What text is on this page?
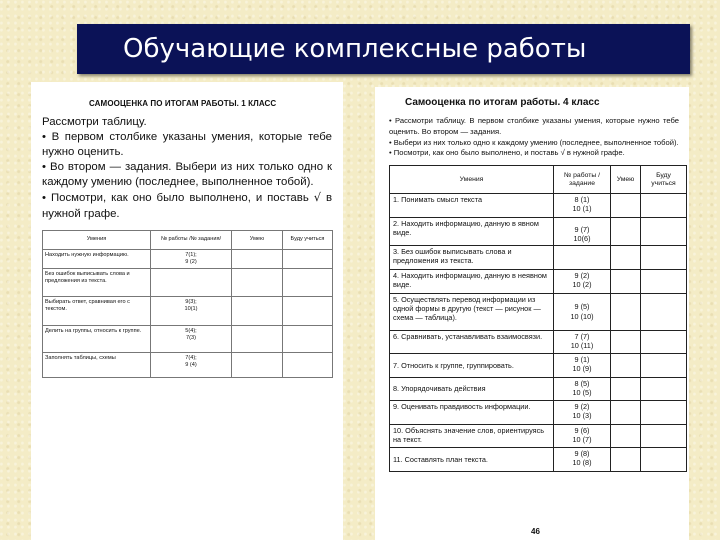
Обучающие комплексные работы
САМООЦЕНКА ПО ИТОГАМ РАБОТЫ. 1 КЛАСС

Рассмотри таблицу.

• В первом столбике указаны умения, которые тебе нужно оценить.

• Во втором — задания. Выбери из них только одно к каждому умению (последнее, выполненное тобой).

• Посмотри, как оно было выполнено, и поставь √ в нужной графе.

Умения	№ работы /№ задания/	Умею	Буду учиться
Находить нужную информацию.	7(1);
9 (2)		
Без ошибок выписывать слова и предложения из текста.			
Выбирать ответ, сравнивая его с текстом.	9(3);
10(1)		
Делить на группы, относить к группе.	5(4);
7(3)		
Заполнять таблицы, схемы	7(4);
9 (4)		
Самооценка по итогам работы. 4 класс

• Рассмотри таблицу. В первом столбике указаны умения, которые нужно тебе оценить. Во втором — задания.

• Выбери из них только одно к каждому умению (последнее, выполненное тобой).

• Посмотри, как оно было выполнено, и поставь √ в нужной графе.

Умения	№ работы / задание	Умею	Буду учиться
1. Понимать смысл текста	8 (1)
10 (1)		
2. Находить информацию, данную в явном виде.	9 (7)
10(6)		
3. Без ошибок выписывать слова и предложения из текста.			
4. Находить информацию, данную в неявном виде.	9 (2)
10 (2)		
5. Осуществлять перевод информации из одной формы в другую (текст — рисунок — схема — таблица).	9 (5)
10 (10)		
6. Сравнивать, устанавливать взаимосвязи.	7 (7)
10 (11)		
7. Относить к группе, группировать.	9 (1)
10 (9)		
8. Упорядочивать действия	8 (5)
10 (5)		
9. Оценивать правдивость информации.	9 (2)
10 (3)		
10. Объяснять значение слов, ориентируясь на текст.	9 (6)
10 (7)		
11. Составлять план текста.	9 (8)
10 (8)		
46
